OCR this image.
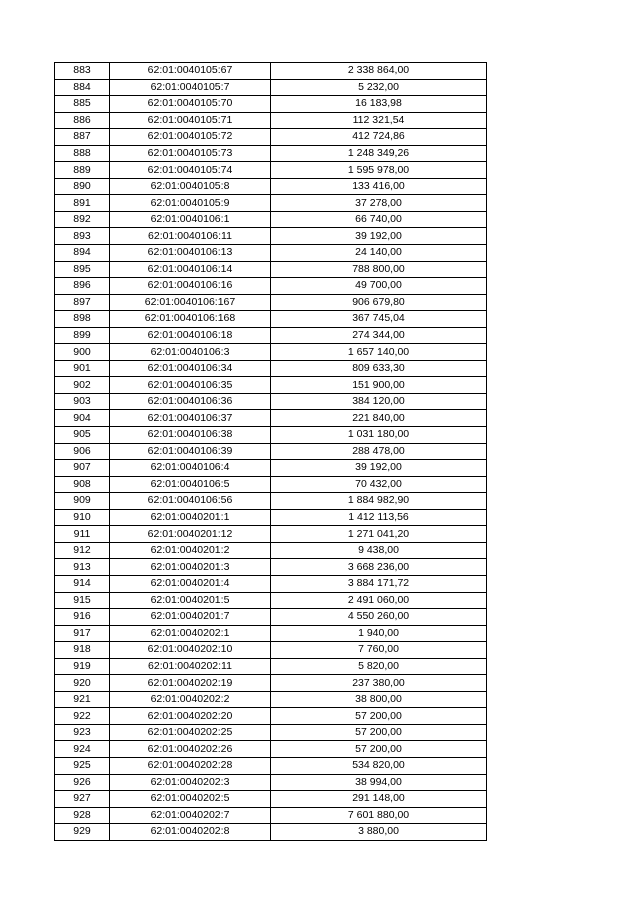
883	62:01:0040105:67	2 338 864,00
884	62:01:0040105:7	5 232,00
885	62:01:0040105:70	16 183,98
886	62:01:0040105:71	112 321,54
887	62:01:0040105:72	412 724,86
888	62:01:0040105:73	1 248 349,26
889	62:01:0040105:74	1 595 978,00
890	62:01:0040105:8	133 416,00
891	62:01:0040105:9	37 278,00
892	62:01:0040106:1	66 740,00
893	62:01:0040106:11	39 192,00
894	62:01:0040106:13	24 140,00
895	62:01:0040106:14	788 800,00
896	62:01:0040106:16	49 700,00
897	62:01:0040106:167	906 679,80
898	62:01:0040106:168	367 745,04
899	62:01:0040106:18	274 344,00
900	62:01:0040106:3	1 657 140,00
901	62:01:0040106:34	809 633,30
902	62:01:0040106:35	151 900,00
903	62:01:0040106:36	384 120,00
904	62:01:0040106:37	221 840,00
905	62:01:0040106:38	1 031 180,00
906	62:01:0040106:39	288 478,00
907	62:01:0040106:4	39 192,00
908	62:01:0040106:5	70 432,00
909	62:01:0040106:56	1 884 982,90
910	62:01:0040201:1	1 412 113,56
911	62:01:0040201:12	1 271 041,20
912	62:01:0040201:2	9 438,00
913	62:01:0040201:3	3 668 236,00
914	62:01:0040201:4	3 884 171,72
915	62:01:0040201:5	2 491 060,00
916	62:01:0040201:7	4 550 260,00
917	62:01:0040202:1	1 940,00
918	62:01:0040202:10	7 760,00
919	62:01:0040202:11	5 820,00
920	62:01:0040202:19	237 380,00
921	62:01:0040202:2	38 800,00
922	62:01:0040202:20	57 200,00
923	62:01:0040202:25	57 200,00
924	62:01:0040202:26	57 200,00
925	62:01:0040202:28	534 820,00
926	62:01:0040202:3	38 994,00
927	62:01:0040202:5	291 148,00
928	62:01:0040202:7	7 601 880,00
929	62:01:0040202:8	3 880,00
